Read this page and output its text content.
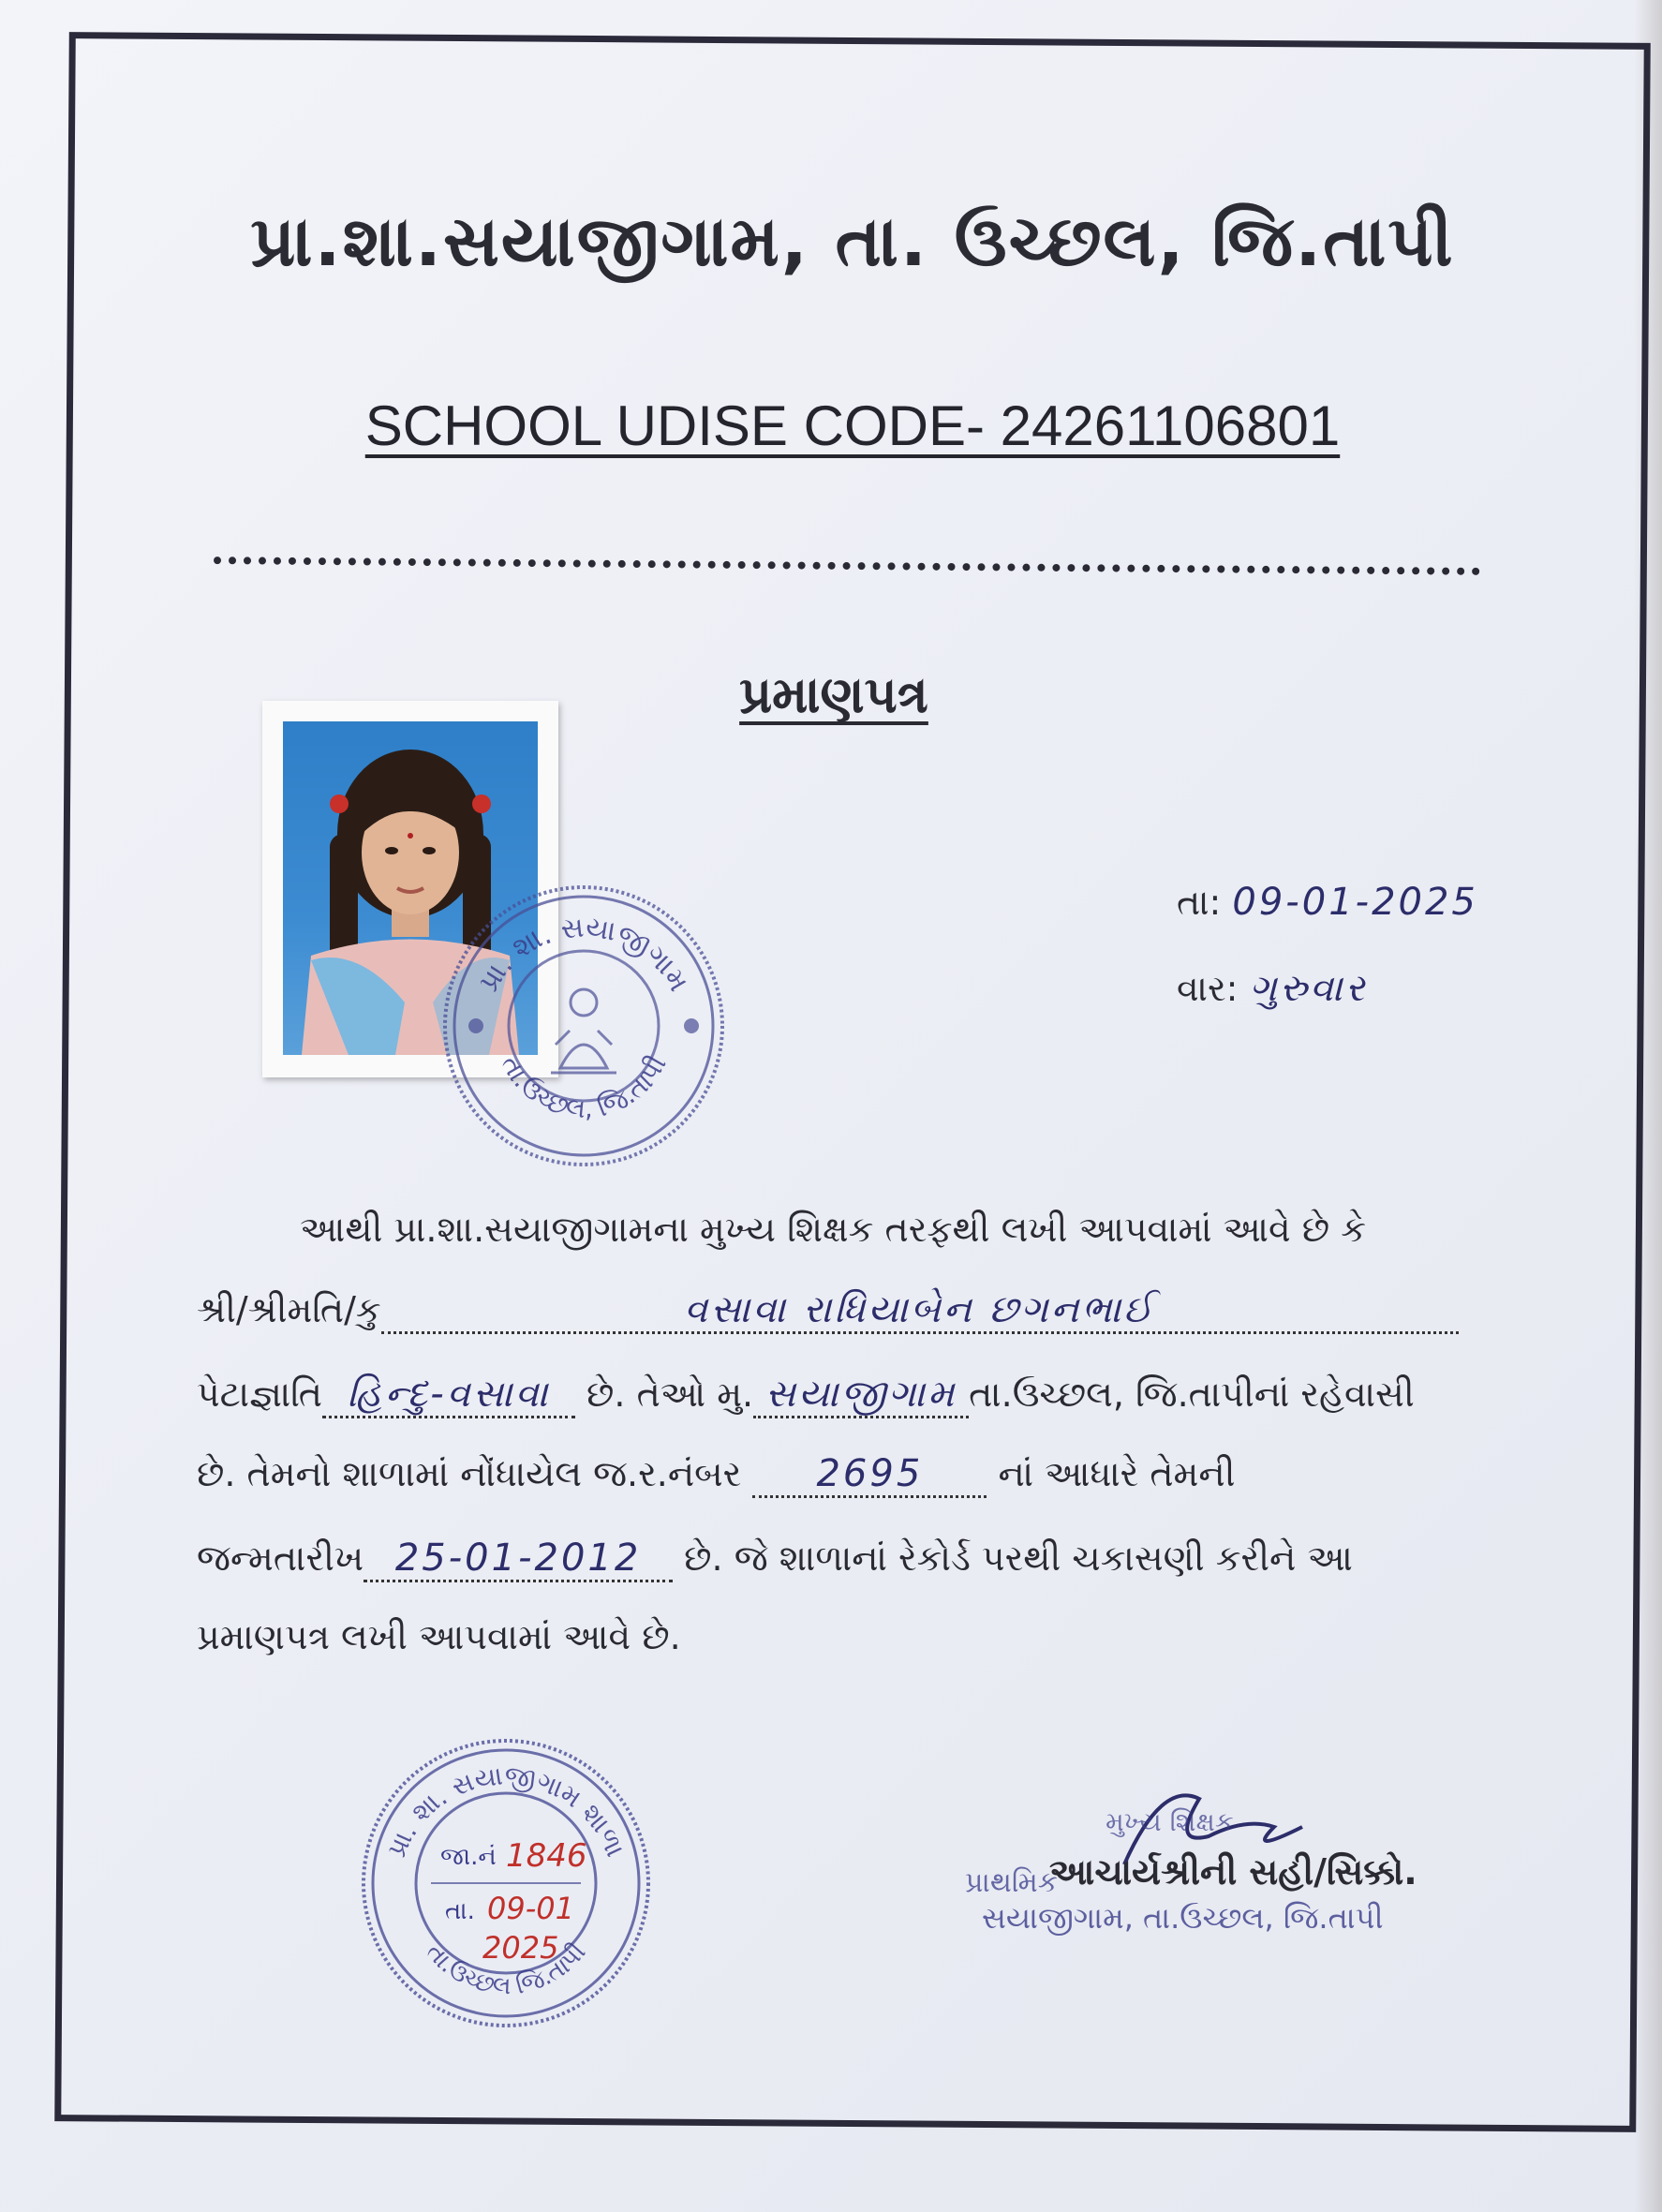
પ્રા.શા.સયાજીગામ, તા. ઉચ્છલ, જિ.તાપી
SCHOOL UDISE CODE- 24261106801
પ્રમાણપત્ર
પ્રા. શા. સયાજીગામ
તા.ઉચ્છલ, જિ.તાપી
તા: 09-01-2025
વાર: ગુરુવાર
આથી પ્રા.શા.સયાજીગામના મુખ્ય શિક્ષક તરફથી લખી આપવામાં આવે છે કે
શ્રી/શ્રીમતિ/કુ	વસાવા રાધિયાબેન છગનભાઈ
પેટાજ્ઞાતિ હિન્દુ-વસાવા છે. તેઓ મુ. સયાજીગામ તા.ઉચ્છલ, જિ.તાપીનાં રહેવાસી
છે. તેમનો શાળામાં નોંધાયેલ જ.ર.નંબર 2695 નાં આધારે તેમની
જન્મતારીખ 25-01-2012 છે. જે શાળાનાં રેકોર્ડ પરથી ચકાસણી કરીને આ
પ્રમાણપત્ર લખી આપવામાં આવે છે.
પ્રા. શા. સયાજીગામ શાળા
તા.ઉચ્છલ જિ.તાપી
જા.નં 1846
તા. 09-01
2025
મુખ્ય શિક્ષક
આચાર્યશ્રીની સહી/સિક્કો.
પ્રાથમિક
સયાજીગામ, તા.ઉચ્છલ, જિ.તાપી
